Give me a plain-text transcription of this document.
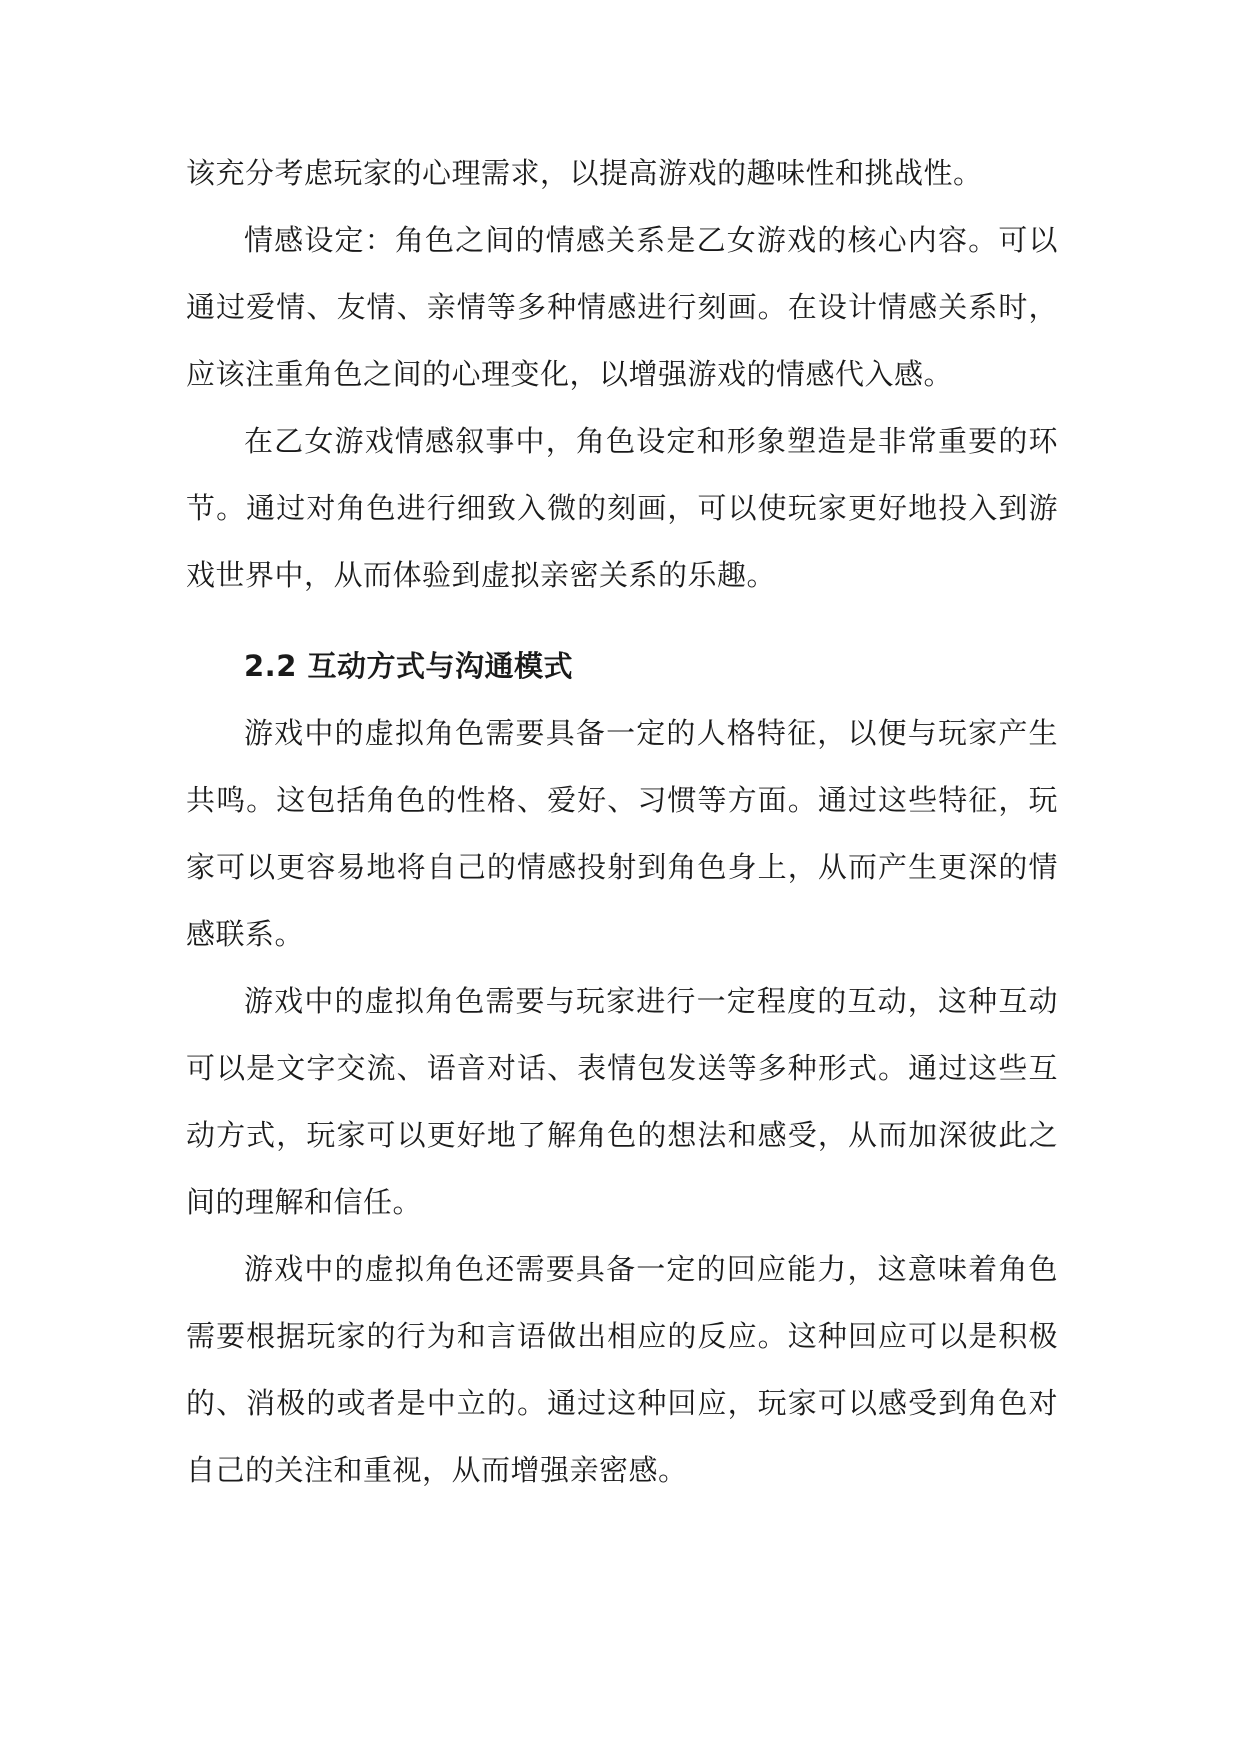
该充分考虑玩家的心理需求，以提高游戏的趣味性和挑战性。

情感设定：角色之间的情感关系是乙女游戏的核心内容。可以通过爱情、友情、亲情等多种情感进行刻画。在设计情感关系时，应该注重角色之间的心理变化，以增强游戏的情感代入感。

在乙女游戏情感叙事中，角色设定和形象塑造是非常重要的环节。通过对角色进行细致入微的刻画，可以使玩家更好地投入到游戏世界中，从而体验到虚拟亲密关系的乐趣。

2.2 互动方式与沟通模式

游戏中的虚拟角色需要具备一定的人格特征，以便与玩家产生共鸣。这包括角色的性格、爱好、习惯等方面。通过这些特征，玩家可以更容易地将自己的情感投射到角色身上，从而产生更深的情感联系。

游戏中的虚拟角色需要与玩家进行一定程度的互动，这种互动可以是文字交流、语音对话、表情包发送等多种形式。通过这些互动方式，玩家可以更好地了解角色的想法和感受，从而加深彼此之间的理解和信任。

游戏中的虚拟角色还需要具备一定的回应能力，这意味着角色需要根据玩家的行为和言语做出相应的反应。这种回应可以是积极的、消极的或者是中立的。通过这种回应，玩家可以感受到角色对自己的关注和重视，从而增强亲密感。
